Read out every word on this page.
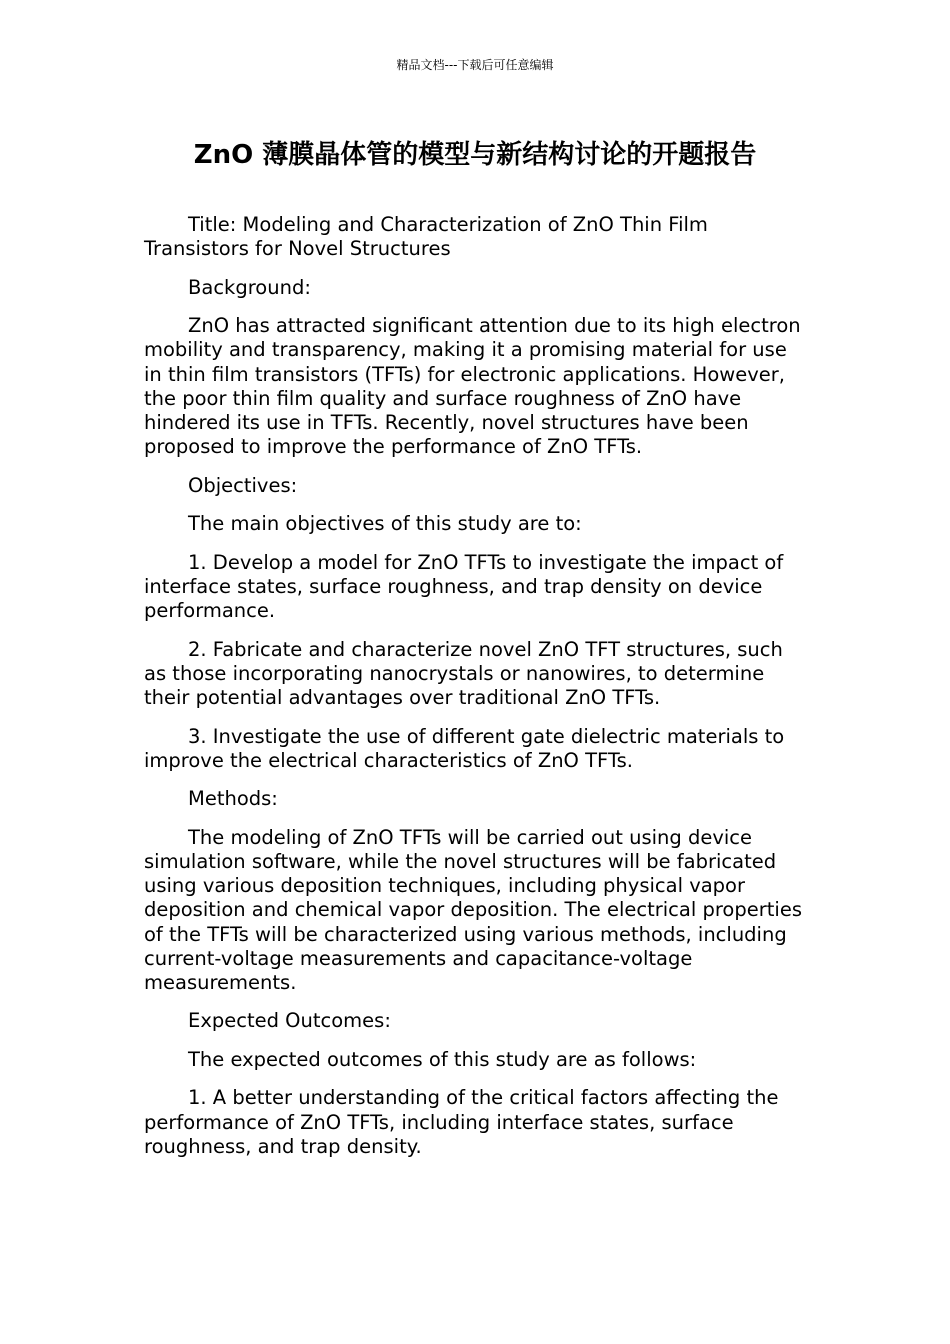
精品文档---下载后可任意编辑
ZnO 薄膜晶体管的模型与新结构讨论的开题报告

Title: Modeling and Characterization of ZnO Thin Film Transistors for Novel Structures

Background:

ZnO has attracted significant attention due to its high electron mobility and transparency, making it a promising material for use in thin film transistors (TFTs) for electronic applications. However, the poor thin film quality and surface roughness of ZnO have hindered its use in TFTs. Recently, novel structures have been proposed to improve the performance of ZnO TFTs.

Objectives:

The main objectives of this study are to:

1. Develop a model for ZnO TFTs to investigate the impact of interface states, surface roughness, and trap density on device performance.

2. Fabricate and characterize novel ZnO TFT structures, such as those incorporating nanocrystals or nanowires, to determine their potential advantages over traditional ZnO TFTs.

3. Investigate the use of different gate dielectric materials to improve the electrical characteristics of ZnO TFTs.

Methods:

The modeling of ZnO TFTs will be carried out using device simulation software, while the novel structures will be fabricated using various deposition techniques, including physical vapor deposition and chemical vapor deposition. The electrical properties of the TFTs will be characterized using various methods, including current-voltage measurements and capacitance-voltage measurements.

Expected Outcomes:

The expected outcomes of this study are as follows:

1. A better understanding of the critical factors affecting the performance of ZnO TFTs, including interface states, surface roughness, and trap density.
